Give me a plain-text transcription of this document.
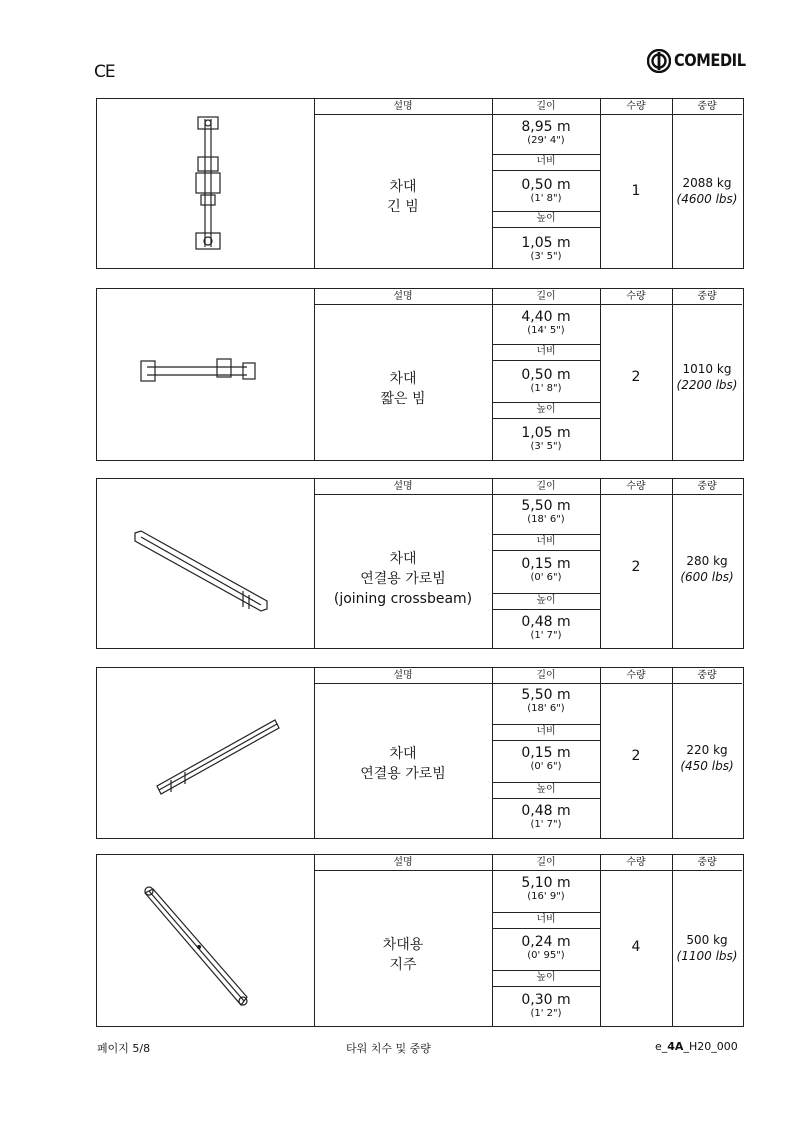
CE
COMEDIL
설명
차대
긴 빔
길이
8,95 m
(29' 4")
너비
0,50 m
(1' 8")
높이
1,05 m
(3' 5")
수량
1
중량
2088 kg
(4600 lbs)
설명
차대
짧은 빔
길이
4,40 m
(14' 5")
너비
0,50 m
(1' 8")
높이
1,05 m
(3' 5")
수량
2
중량
1010 kg
(2200 lbs)
설명
차대
연결용 가로빔
(joining crossbeam)
길이
5,50 m
(18' 6")
너비
0,15 m
(0' 6")
높이
0,48 m
(1' 7")
수량
2
중량
280 kg
(600 lbs)
설명
차대
연결용 가로빔
길이
5,50 m
(18' 6")
너비
0,15 m
(0' 6")
높이
0,48 m
(1' 7")
수량
2
중량
220 kg
(450 lbs)
설명
차대용
지주
길이
5,10 m
(16' 9")
너비
0,24 m
(0' 95")
높이
0,30 m
(1' 2")
수량
4
중량
500 kg
(1100 lbs)
페이지 5/8	타워 치수 및 중량	e_4A_H20_000
